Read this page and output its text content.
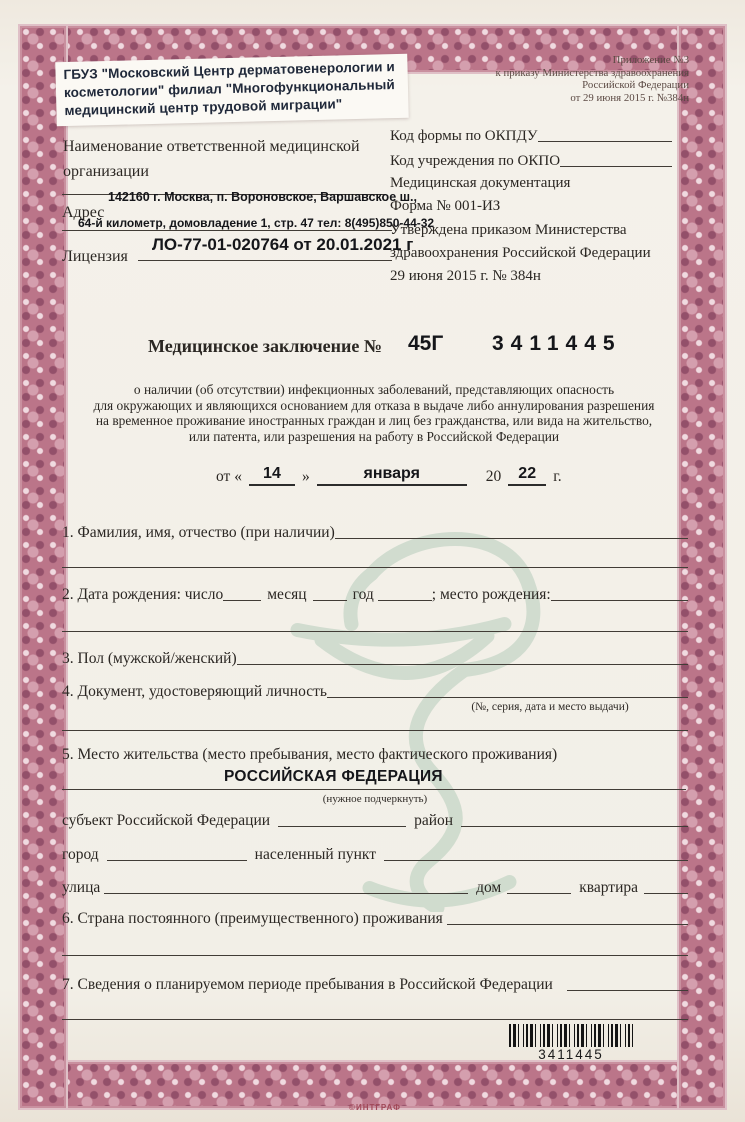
ГБУЗ "Московский Центр дерматовенерологии и
косметологии" филиал "Многофункциональный
медицинский центр трудовой миграции"
Приложение №3
к приказу Министерства здравоохранения
Российской Федерации
от 29 июня 2015 г. №384н
Наименование ответственной медицинской
организации
142160 г. Москва, п. Вороновское, Варшавское ш.,
Адрес
64-й километр, домовладение 1, стр. 47 тел: 8(495)850-44-32
ЛО-77-01-020764 от 20.01.2021 г
Лицензия
Код формы по ОКПДУ
Код учреждения по ОКПО
Медицинская документация
Форма № 001-ИЗ
Утверждена приказом Министерства
здравоохранения Российской Федерации
29 июня 2015 г. № 384н
Медицинское заключение № 45Г 3411445
о наличии (об отсутствии) инфекционных заболеваний, представляющих опасность
для окружающих и являющихся основанием для отказа в выдаче либо аннулирования разрешения
на временное проживание иностранных граждан и лиц без гражданства, или вида на жительство,
или патента, или разрешения на работу в Российской Федерации
от «	14	»	января	20	22	г.
1. Фамилия, имя, отчество (при наличии)
2. Дата рождения: число	месяц	год	; место рождения:
3. Пол (мужской/женский)
4. Документ, удостоверяющий личность
(№, серия, дата и место выдачи)
5. Место жительства (место пребывания, место фактического проживания)
РОССИЙСКАЯ ФЕДЕРАЦИЯ
(нужное подчеркнуть)
субъект Российской Федерации	район
город	населенный пункт
улица	дом	квартира
6. Страна постоянного (преимущественного) проживания
7. Сведения о планируемом периоде пребывания в Российской Федерации
3411445
©ИНТГРАФ
